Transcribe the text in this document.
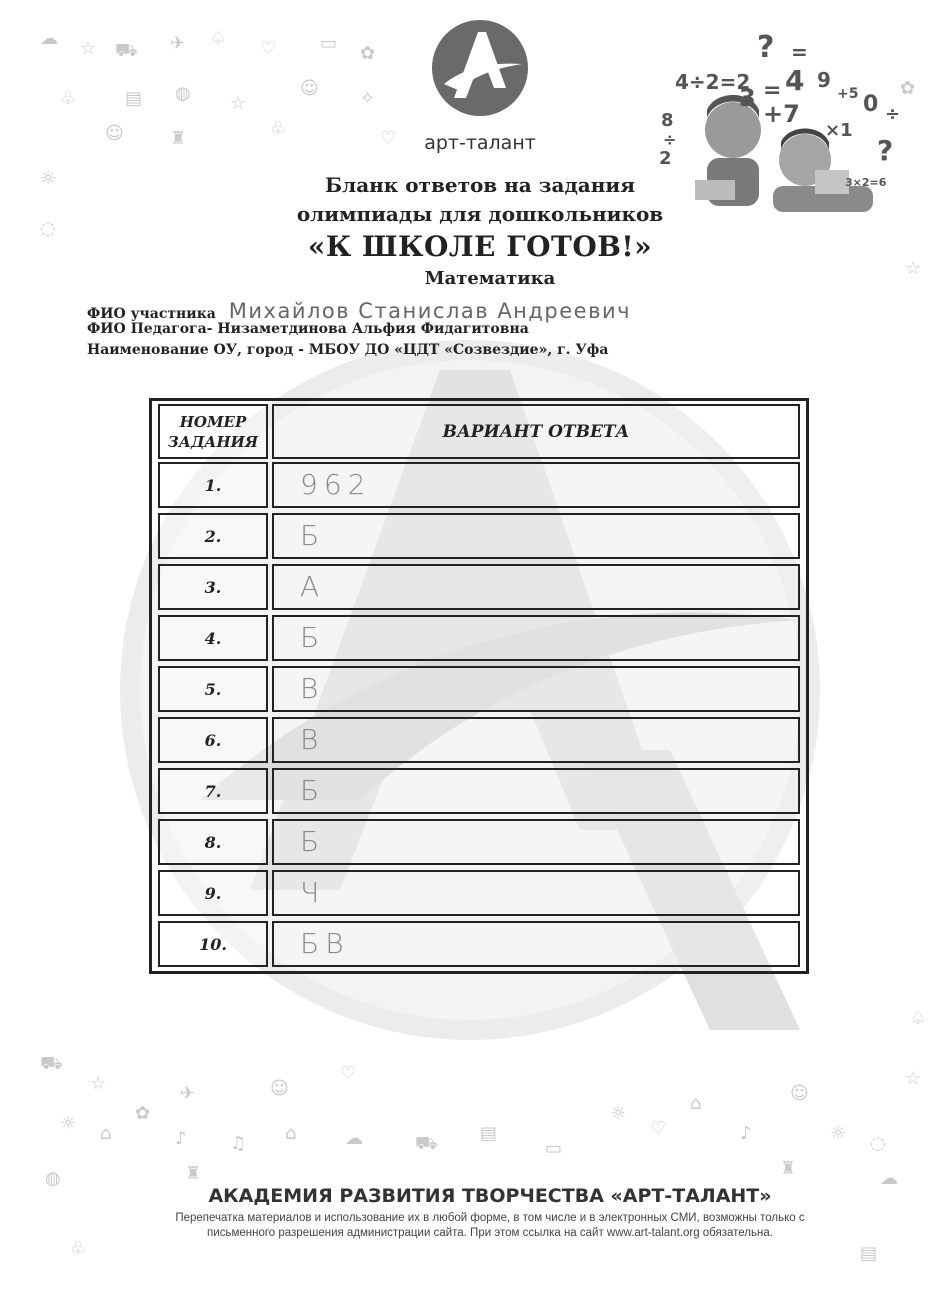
☁ ☆ ⛟ ✈ ♤ ♡ ▭ ✿
♧	▤ ◍ ☆
☺ ✧
☺	♜	♧
☼
♡
✿
☆
◌
⛟
☆	✈	☺
♡
☼ ⌂
✿
♪ ♫ ⌂	☁	⛟ ▤
▭
☼
♡
⌂
♪
☺
☼ ◌
☆
♤
◍	♜	♜	☁
♧	▤
арт-талант
4÷2=2
? =
3 = 4 9
+5 0 ÷
8
÷
2
+7
×1
?
3×2=6
Бланк ответов на задания
олимпиады для дошкольников
«К ШКОЛЕ ГОТОВ!»
Математика
ФИО участника Михайлов Станислав Андреевич
ФИО Педагога- Низаметдинова Альфия Фидагитовна
Наименование ОУ, город - МБОУ ДО «ЦДТ «Созвездие», г. Уфа
НОМЕР ЗАДАНИЯ	ВАРИАНТ ОТВЕТА
1.	962
2.	Б
3.	А
4.	Б
5.	В
6.	В
7.	Б
8.	Б
9.	Ч
10.	БВ
АКАДЕМИЯ РАЗВИТИЯ ТВОРЧЕСТВА «АРТ-ТАЛАНТ»
Перепечатка материалов и использование их в любой форме, в том числе и в электронных СМИ, возможны только с
письменного разрешения администрации сайта. При этом ссылка на сайт www.art-talant.org обязательна.
